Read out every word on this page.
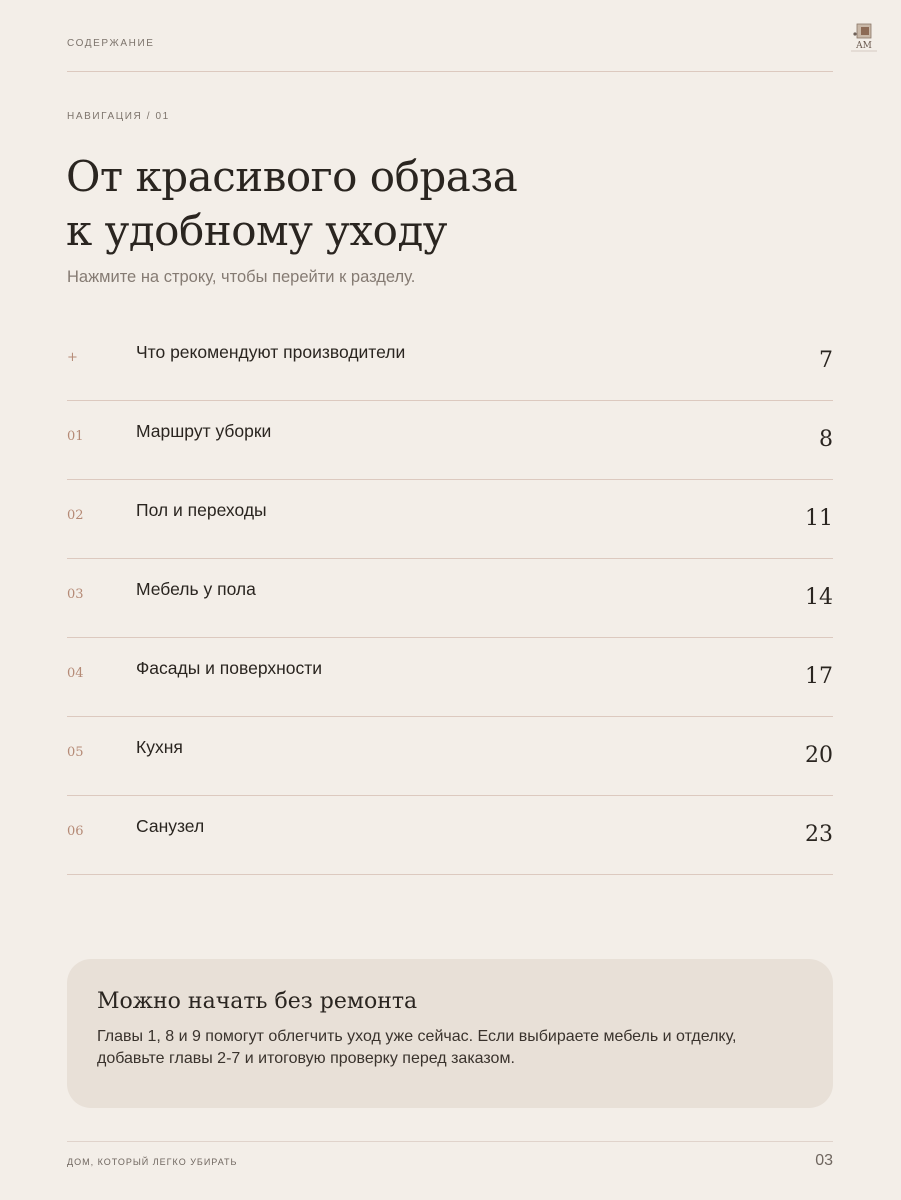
СОДЕРЖАНИЕ	AM
НАВИГАЦИЯ / 01
От красивого образа
к удобному уходу
Нажмите на строку, чтобы перейти к разделу.
+	Что рекомендуют производители	7
01	Маршрут уборки	8
02	Пол и переходы	11
03	Мебель у пола	14
04	Фасады и поверхности	17
05	Кухня	20
06	Санузел	23
Можно начать без ремонта
Главы 1, 8 и 9 помогут облегчить уход уже сейчас. Если выбираете мебель и отделку, добавьте главы 2-7 и итоговую проверку перед заказом.
ДОМ, КОТОРЫЙ ЛЕГКО УБИРАТЬ	03
